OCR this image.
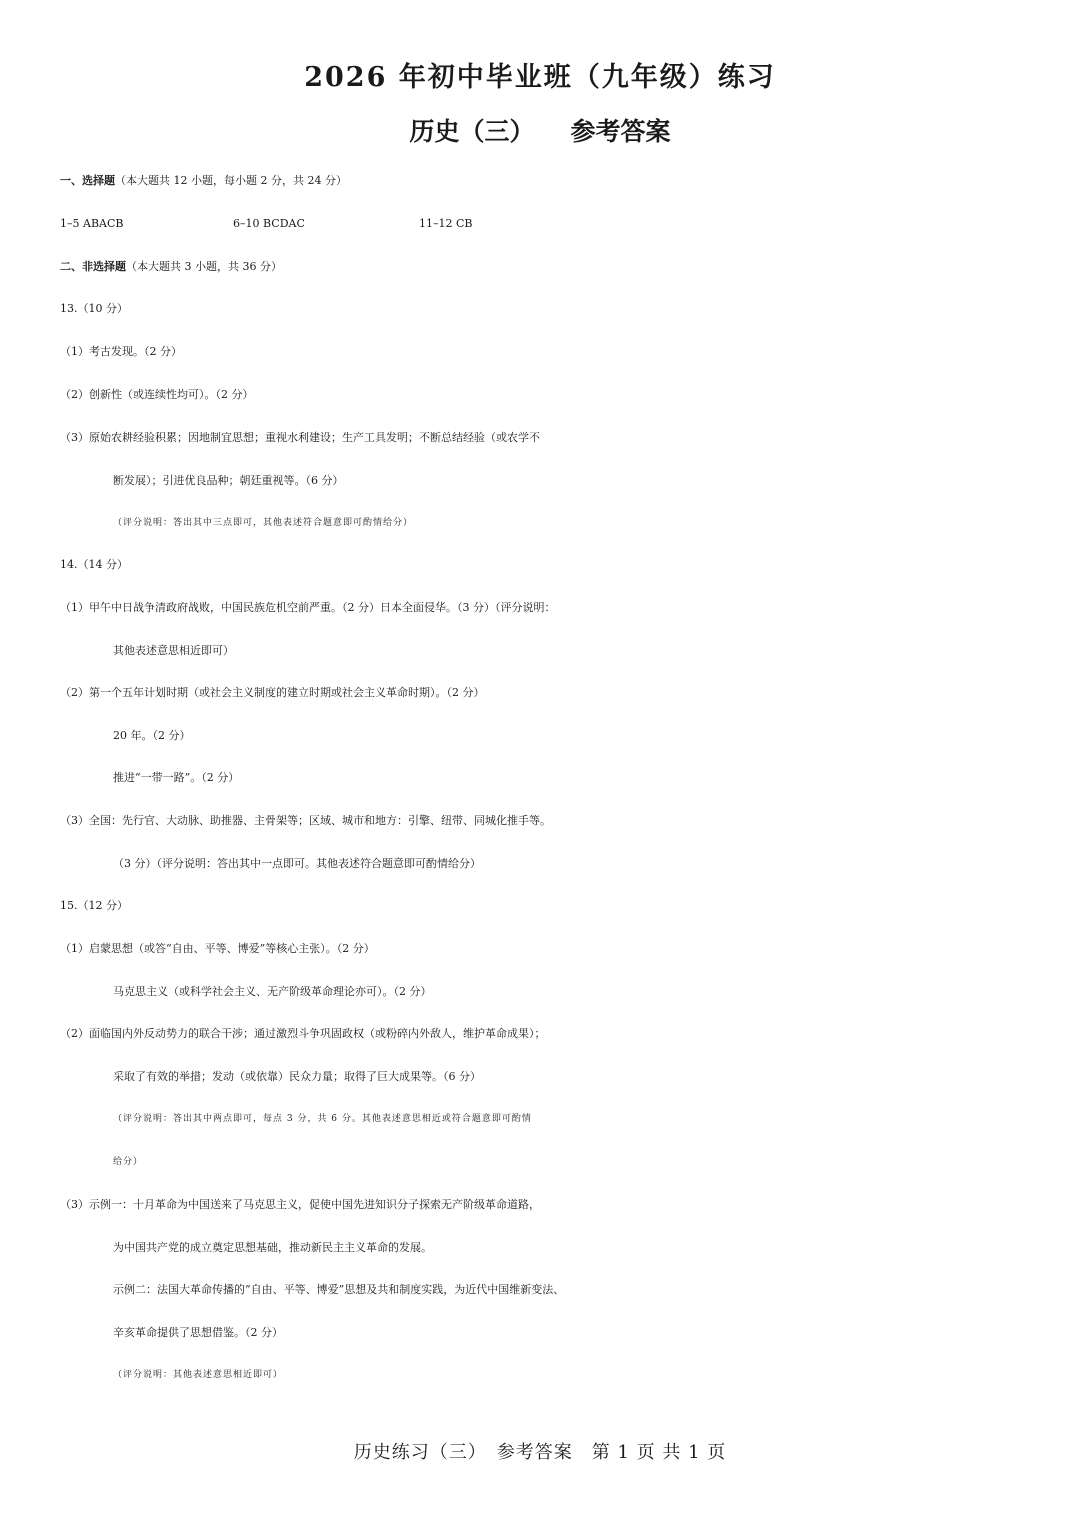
2026 年初中毕业班（九年级）练习
历史（三） 参考答案
一、选择题（本大题共 12 小题，每小题 2 分，共 24 分）
1–5 ABACB	6–10 BCDAC	11–12 CB
二、非选择题（本大题共 3 小题，共 36 分）
13.（10 分）
（1）考古发现。（2 分）
（2）创新性（或连续性均可）。（2 分）
（3）原始农耕经验积累；因地制宜思想；重视水利建设；生产工具发明；不断总结经验（或农学不
断发展）；引进优良品种；朝廷重视等。（6 分）
（评分说明：答出其中三点即可，其他表述符合题意即可酌情给分）
14.（14 分）
（1）甲午中日战争清政府战败，中国民族危机空前严重。（2 分）日本全面侵华。（3 分）（评分说明：
其他表述意思相近即可）
（2）第一个五年计划时期（或社会主义制度的建立时期或社会主义革命时期）。（2 分）
20 年。（2 分）
推进“一带一路”。（2 分）
（3）全国：先行官、大动脉、助推器、主骨架等；区域、城市和地方：引擎、纽带、同城化推手等。
（3 分）（评分说明：答出其中一点即可。其他表述符合题意即可酌情给分）
15.（12 分）
（1）启蒙思想（或答“自由、平等、博爱”等核心主张）。（2 分）
马克思主义（或科学社会主义、无产阶级革命理论亦可）。（2 分）
（2）面临国内外反动势力的联合干涉；通过激烈斗争巩固政权（或粉碎内外敌人，维护革命成果）；
采取了有效的举措；发动（或依靠）民众力量；取得了巨大成果等。（6 分）
（评分说明：答出其中两点即可，每点 3 分，共 6 分。其他表述意思相近或符合题意即可酌情
给分）
（3）示例一：十月革命为中国送来了马克思主义，促使中国先进知识分子探索无产阶级革命道路，
为中国共产党的成立奠定思想基础，推动新民主主义革命的发展。
示例二：法国大革命传播的“自由、平等、博爱”思想及共和制度实践，为近代中国维新变法、
辛亥革命提供了思想借鉴。（2 分）
（评分说明：其他表述意思相近即可）
历史练习（三）　参考答案　第 1 页 共 1 页
